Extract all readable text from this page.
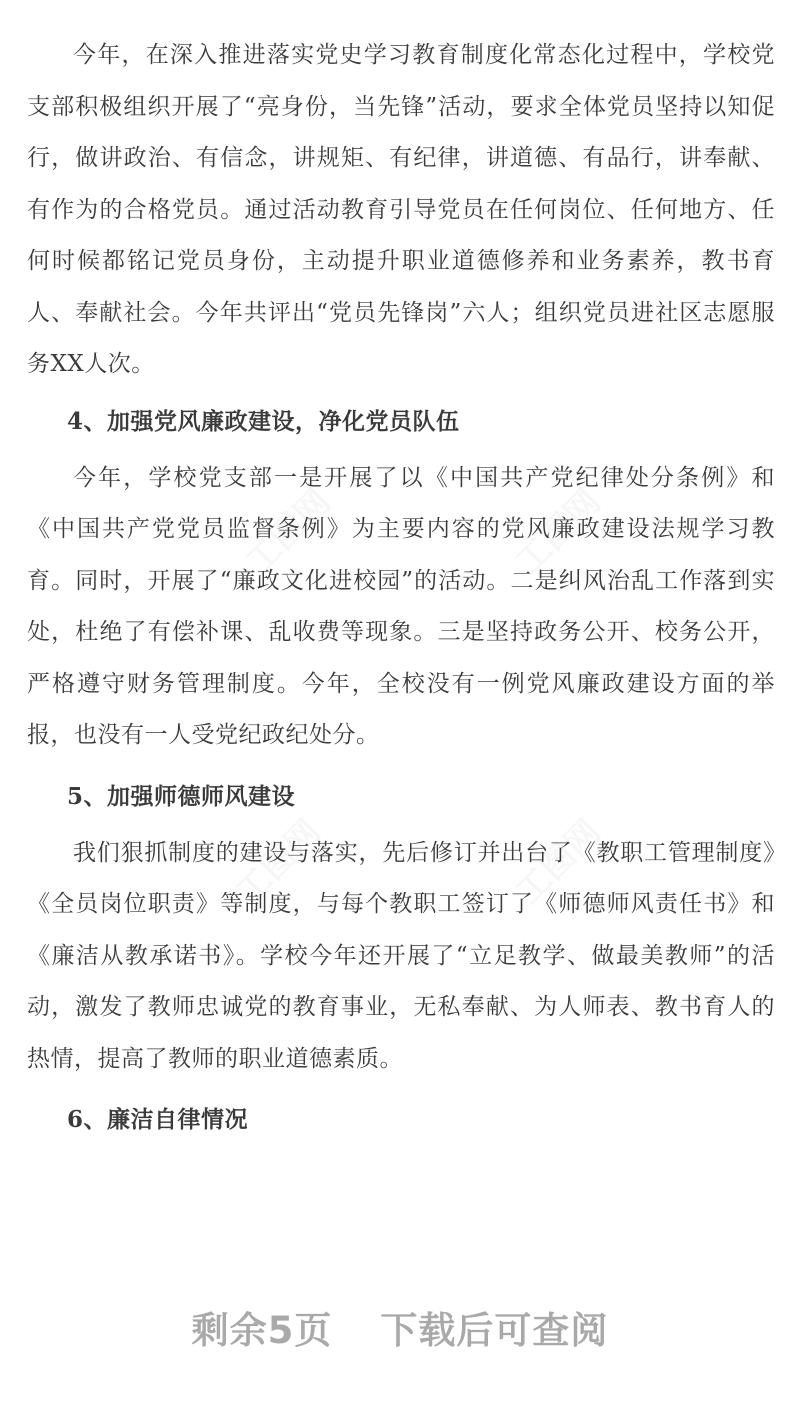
今年，在深入推进落实党史学习教育制度化常态化过程中，学校党支部积极组织开展了“亮身份，当先锋”活动，要求全体党员坚持以知促行，做讲政治、有信念，讲规矩、有纪律，讲道德、有品行，讲奉献、有作为的合格党员。通过活动教育引导党员在任何岗位、任何地方、任何时候都铭记党员身份，主动提升职业道德修养和业务素养，教书育人、奉献社会。今年共评出“党员先锋岗”六人；组织党员进社区志愿服务XX人次。

4、加强党风廉政建设，净化党员队伍

今年，学校党支部一是开展了以《中国共产党纪律处分条例》和《中国共产党党员监督条例》为主要内容的党风廉政建设法规学习教育。同时，开展了“廉政文化进校园”的活动。二是纠风治乱工作落到实处，杜绝了有偿补课、乱收费等现象。三是坚持政务公开、校务公开，严格遵守财务管理制度。今年，全校没有一例党风廉政建设方面的举报，也没有一人受党纪政纪处分。

5、加强师德师风建设

我们狠抓制度的建设与落实，先后修订并出台了《教职工管理制度》《全员岗位职责》等制度，与每个教职工签订了《师德师风责任书》和《廉洁从教承诺书》。学校今年还开展了“立足教学、做最美教师”的活动，激发了教师忠诚党的教育事业，无私奉献、为人师表、教书育人的热情，提高了教师的职业道德素质。

6、廉洁自律情况

剩余5页 下载后可查阅
